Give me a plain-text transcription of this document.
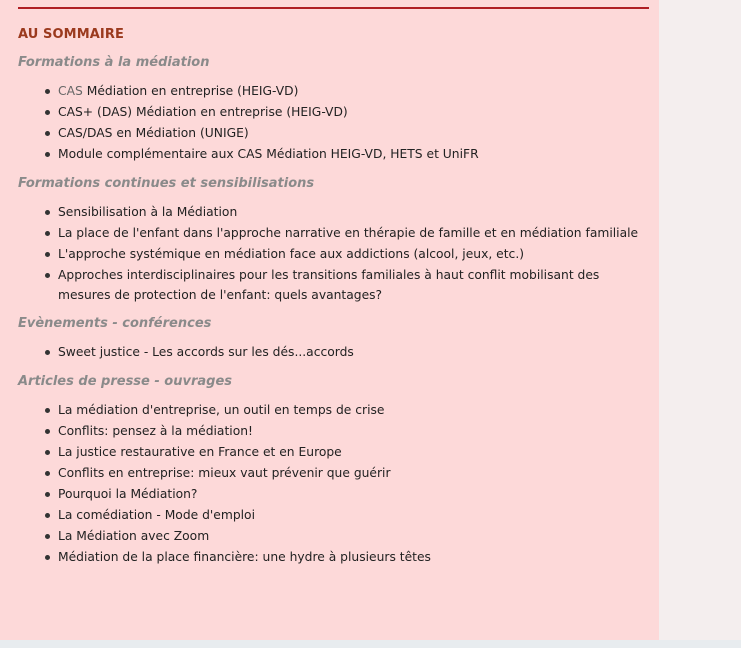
AU SOMMAIRE
Formations à la médiation
CAS Médiation en entreprise (HEIG-VD)
CAS+ (DAS) Médiation en entreprise (HEIG-VD)
CAS/DAS en Médiation (UNIGE)
Module complémentaire aux CAS Médiation HEIG-VD, HETS et UniFR
Formations continues et sensibilisations
Sensibilisation à la Médiation
La place de l'enfant dans l'approche narrative en thérapie de famille et en médiation familiale
L'approche systémique en médiation face aux addictions (alcool, jeux, etc.)
Approches interdisciplinaires pour les transitions familiales à haut conflit mobilisant des mesures de protection de l'enfant: quels avantages?
Evènements - conférences
Sweet justice - Les accords sur les dés...accords
Articles de presse - ouvrages
La médiation d'entreprise, un outil en temps de crise
Conflits: pensez à la médiation!
La justice restaurative en France et en Europe
Conflits en entreprise: mieux vaut prévenir que guérir
Pourquoi la Médiation?
La comédiation - Mode d'emploi
La Médiation avec Zoom
Médiation de la place financière: une hydre à plusieurs têtes
